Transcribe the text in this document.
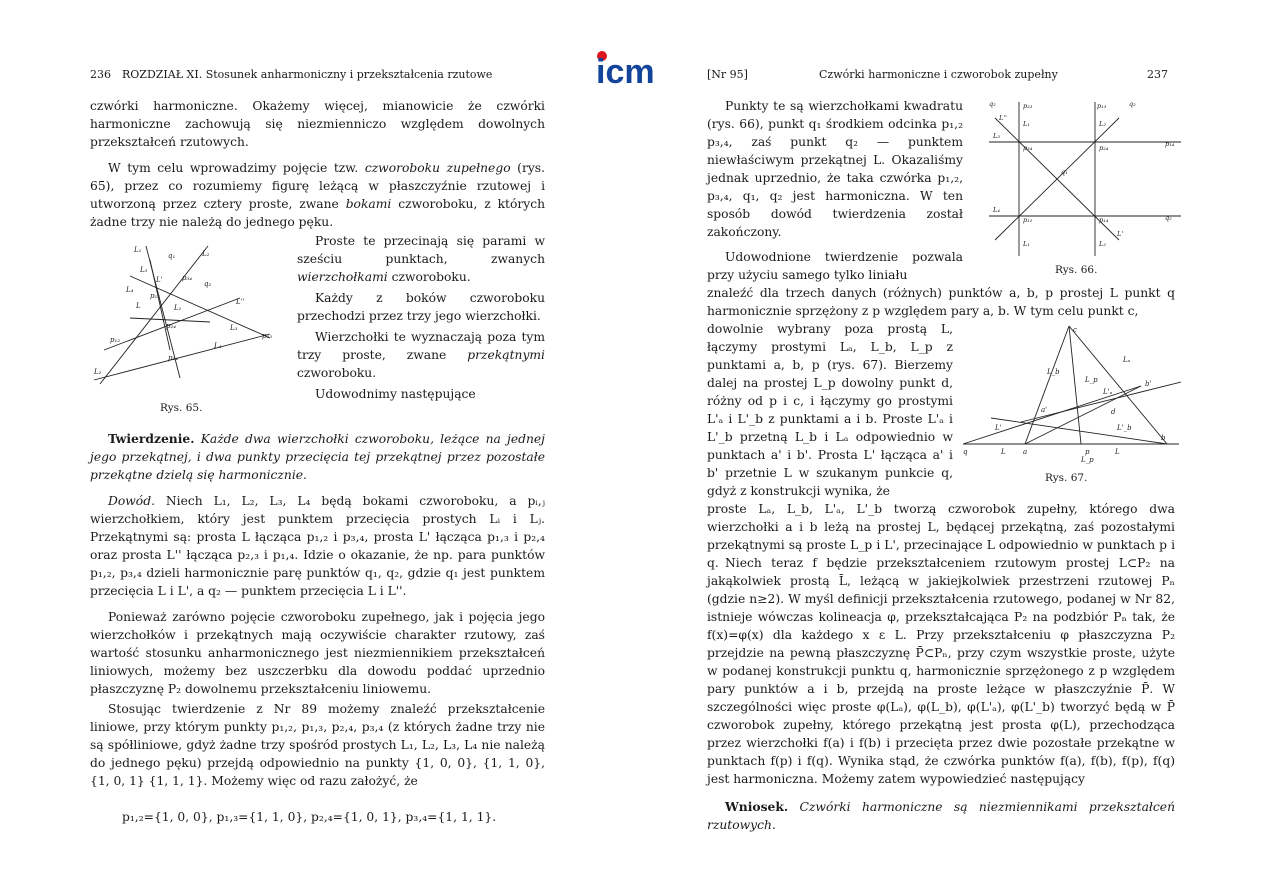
icm
236 ROZDZIAŁ XI. Stosunek anharmoniczny i przekształcenia rzutowe

czwórki harmoniczne. Okażemy więcej, mianowicie że czwórki harmoniczne zachowują się niezmienniczo względem dowolnych przekształceń rzutowych.

W tym celu wprowadzimy pojęcie tzw. czworoboku zupełnego (rys. 65), przez co rozumiemy figurę leżącą w płaszczyźnie rzutowej i utworzoną przez cztery proste, zwane bokami czworoboku, z których żadne trzy nie należą do jednego pęku.

L₁
q₁	L₂
L'	p₃₄
L₃
q₂
L₄
L''
p₁₃
L	L₁
p₂₄
p₂₃
L₃
p₁₂
L₄
p₁₄
L₂
Rys. 65.

Proste te przecinają się parami w sześciu punktach, zwanych wierzchołkami czworoboku.

Każdy z boków czworoboku przechodzi przez trzy jego wierzchołki.

Wierzchołki te wyznaczają poza tym trzy proste, zwane przekątnymi czworoboku.

Udowodnimy następujące

Twierdzenie. Każde dwa wierzchołki czworoboku, leżące na jednej jego przekątnej, i dwa punkty przecięcia tej przekątnej przez pozostałe przekątne dzielą się harmonicznie.

Dowód. Niech L₁, L₂, L₃, L₄ będą bokami czworoboku, a pᵢ,ⱼ wierzchołkiem, który jest punktem przecięcia prostych Lᵢ i Lⱼ. Przekątnymi są: prosta L łącząca p₁,₂ i p₃,₄, prosta L' łącząca p₁,₃ i p₂,₄ oraz prosta L'' łącząca p₂,₃ i p₁,₄. Idzie o okazanie, że np. para punktów p₁,₂, p₃,₄ dzieli harmonicznie parę punktów q₁, q₂, gdzie q₁ jest punktem przecięcia L i L', a q₂ — punktem przecięcia L i L''.

Ponieważ zarówno pojęcie czworoboku zupełnego, jak i pojęcia jego wierzchołków i przekątnych mają oczywiście charakter rzutowy, zaś wartość stosunku anharmonicznego jest niezmiennikiem przekształceń liniowych, możemy bez uszczerbku dla dowodu poddać uprzednio płaszczyznę P₂ dowolnemu przekształceniu liniowemu.

Stosując twierdzenie z Nr 89 możemy znaleźć przekształcenie liniowe, przy którym punkty p₁,₂, p₁,₃, p₂,₄, p₃,₄ (z których żadne trzy nie są spółliniowe, gdyż żadne trzy spośród prostych L₁, L₂, L₃, L₄ nie należą do jednego pęku) przejdą odpowiednio na punkty {1, 0, 0}, {1, 1, 0}, {1, 0, 1} {1, 1, 1}. Możemy więc od razu założyć, że

p₁,₂={1, 0, 0}, p₁,₃={1, 1, 0}, p₂,₄={1, 0, 1}, p₃,₄={1, 1, 1}.
[Nr 95]	Czwórki harmoniczne i czworobok zupełny	237

Punkty te są wierzchołkami kwadratu (rys. 66), punkt q₁ środkiem odcinka p₁,₂ p₃,₄, zaś punkt q₂ — punktem niewłaściwym przekątnej L. Okazaliśmy jednak uprzednio, że taka czwórka p₁,₂, p₃,₄, q₁, q₂ jest harmoniczna. W ten sposób dowód twierdzenia został zakończony.

q₂
L''
p₂₃
L₁
p₁₃
L₂
q₂
L₃
p₃₄	p₂₄	p₁₄
q₁
L₄
p₁₂	p₁₄	q₂
L₁	L₂
L'
Rys. 66.

Udowodnione twierdzenie pozwala przy użyciu samego tylko liniału

znaleźć dla trzech danych (różnych) punktów a, b, p prostej L punkt q harmonicznie sprzężony z p względem pary a, b. W tym celu punkt c,

dowolnie wybrany poza prostą L, łączymy prostymi Lₐ, L_b, L_p z punktami a, b, p (rys. 67). Bierzemy dalej na prostej L_p dowolny punkt d, różny od p i c, i łączymy go prostymi L'ₐ i L'_b z punktami a i b. Proste L'ₐ i L'_b przetną L_b i Lₐ odpowiednio w punktach a' i b'. Prosta L' łącząca a' i b' przetnie L w szukanym punkcie q, gdyż z konstrukcji wynika, że

c
Lₐ
L_b
L_p	b'
L'ₐ
d
a'
L'_b
L'
a	p
b
q	L	L
L_p
Rys. 67.

proste Lₐ, L_b, L'ₐ, L'_b tworzą czworobok zupełny, którego dwa wierzchołki a i b leżą na prostej L, będącej przekątną, zaś pozostałymi przekątnymi są proste L_p i L', przecinające L odpowiednio w punktach p i q. Niech teraz f będzie przekształceniem rzutowym prostej L⊂P₂ na jakąkolwiek prostą L̄, leżącą w jakiejkolwiek przestrzeni rzutowej Pₙ (gdzie n≥2). W myśl definicji przekształcenia rzutowego, podanej w Nr 82, istnieje wówczas kolineacja φ, przekształcająca P₂ na podzbiór Pₙ tak, że f(x)=φ(x) dla każdego x ε L. Przy przekształceniu φ płaszczyzna P₂ przejdzie na pewną płaszczyznę P̄⊂Pₙ, przy czym wszystkie proste, użyte w podanej konstrukcji punktu q, harmonicznie sprzężonego z p względem pary punktów a i b, przejdą na proste leżące w płaszczyźnie P̄. W szczególności więc proste φ(Lₐ), φ(L_b), φ(L'ₐ), φ(L'_b) tworzyć będą w P̄ czworobok zupełny, którego przekątną jest prosta φ(L), przechodząca przez wierzchołki f(a) i f(b) i przecięta przez dwie pozostałe przekątne w punktach f(p) i f(q). Wynika stąd, że czwórka punktów f(a), f(b), f(p), f(q) jest harmoniczna. Możemy zatem wypowiedzieć następujący

Wniosek. Czwórki harmoniczne są niezmiennikami przekształceń rzutowych.
